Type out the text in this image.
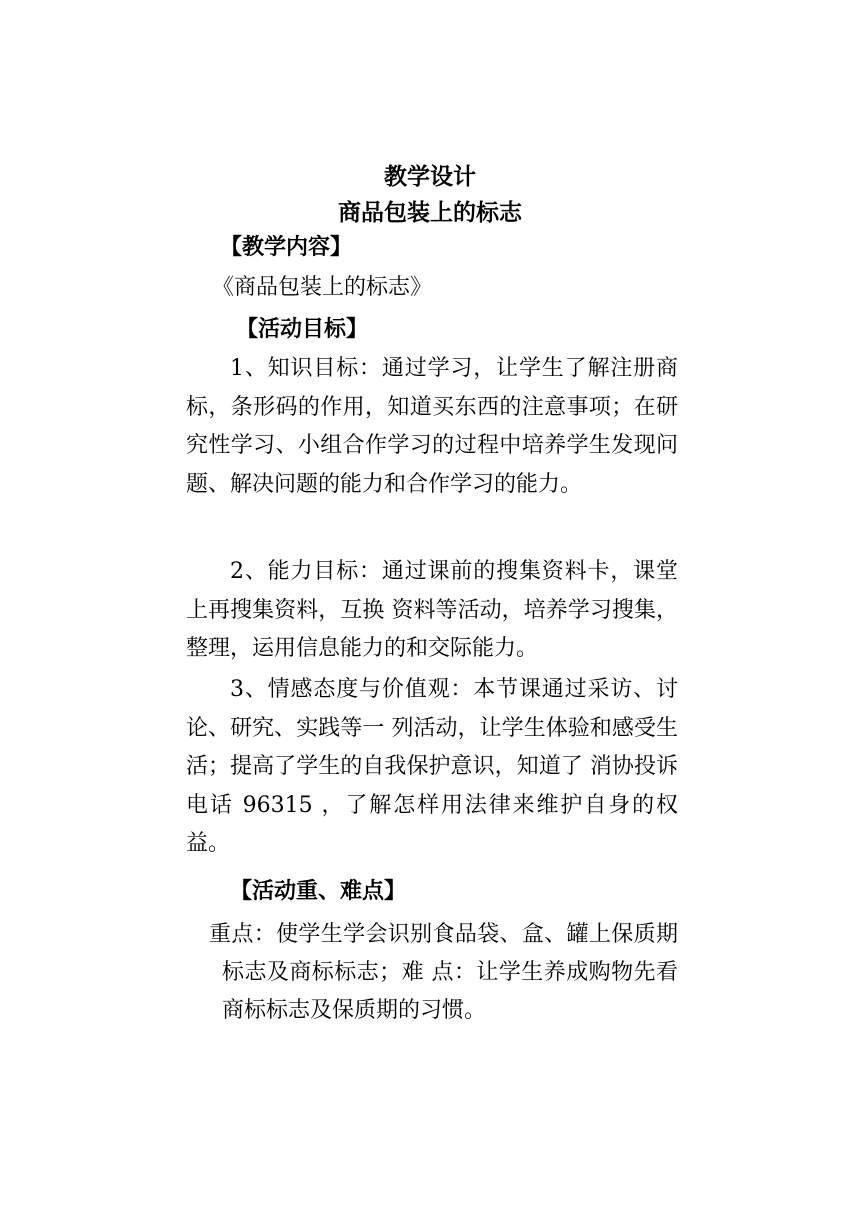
教学设计
商品包装上的标志
【教学内容】
《商品包装上的标志》
【活动目标】

1、知识目标：通过学习，让学生了解注册商标，条形码的作用，知道买东西的注意事项；在研究性学习、小组合作学习的过程中培养学生发现问题、解决问题的能力和合作学习的能力。

2、能力目标：通过课前的搜集资料卡，课堂上再搜集资料，互换 资料等活动，培养学习搜集，整理，运用信息能力的和交际能力。

3、情感态度与价值观：本节课通过采访、讨论、研究、实践等一 列活动，让学生体验和感受生活；提高了学生的自我保护意识，知道了 消协投诉电话 96315 ，了解怎样用法律来维护自身的权益。

【活动重、难点】

重点：使学生学会识别食品袋、盒、罐上保质期标志及商标标志；难 点：让学生养成购物先看商标标志及保质期的习惯。
